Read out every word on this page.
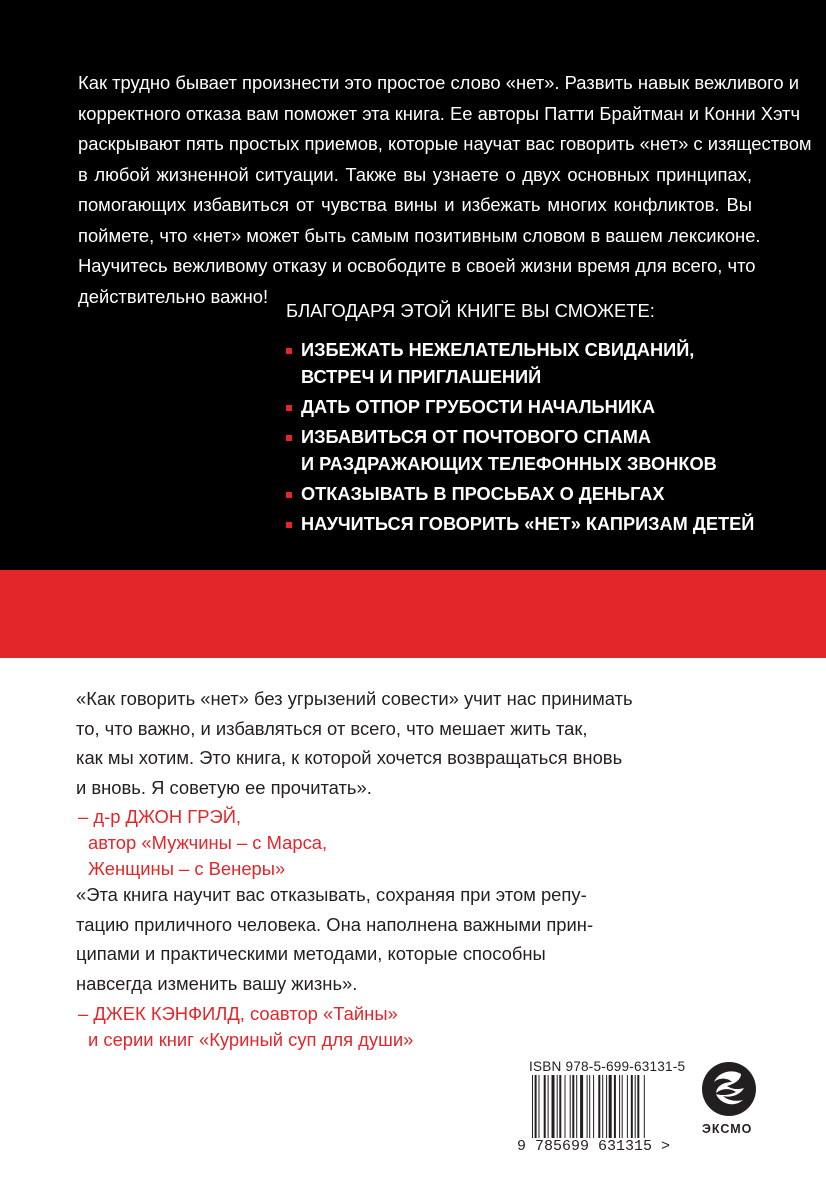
Как трудно бывает произнести это простое слово «нет». Развить навык вежливого и
корректного отказа вам поможет эта книга. Ее авторы Патти Брайтман и Конни Хэтч
раскрывают пять простых приемов, которые научат вас говорить «нет» с изяществом
в любой жизненной ситуации. Также вы узнаете о двух основных принципах,
помогающих избавиться от чувства вины и избежать многих конфликтов. Вы
поймете, что «нет» может быть самым позитивным словом в вашем лексиконе.
Научитесь вежливому отказу и освободите в своей жизни время для всего, что
действительно важно!
БЛАГОДАРЯ ЭТОЙ КНИГЕ ВЫ СМОЖЕТЕ:
ИЗБЕЖАТЬ НЕЖЕЛАТЕЛЬНЫХ СВИДАНИЙ,
ВСТРЕЧ И ПРИГЛАШЕНИЙ
ДАТЬ ОТПОР ГРУБОСТИ НАЧАЛЬНИКА
ИЗБАВИТЬСЯ ОТ ПОЧТОВОГО СПАМА
И РАЗДРАЖАЮЩИХ ТЕЛЕФОННЫХ ЗВОНКОВ
ОТКАЗЫВАТЬ В ПРОСЬБАХ О ДЕНЬГАХ
НАУЧИТЬСЯ ГОВОРИТЬ «НЕТ» КАПРИЗАМ ДЕТЕЙ
«Как говорить «нет» без угрызений совести» учит нас принимать
то, что важно, и избавляться от всего, что мешает жить так,
как мы хотим. Это книга, к которой хочется возвращаться вновь
и вновь. Я советую ее прочитать».
– д-р ДЖОН ГРЭЙ,
автор «Мужчины – с Марса,
Женщины – с Венеры»
«Эта книга научит вас отказывать, сохраняя при этом репу-
тацию приличного человека. Она наполнена важными прин-
ципами и практическими методами, которые способны
навсегда изменить вашу жизнь».
– ДЖЕК КЭНФИЛД, соавтор «Тайны»
и серии книг «Куриный суп для души»
ISBN 978-5-699-63131-5
9 785699 631315 >
ЭКСМО
